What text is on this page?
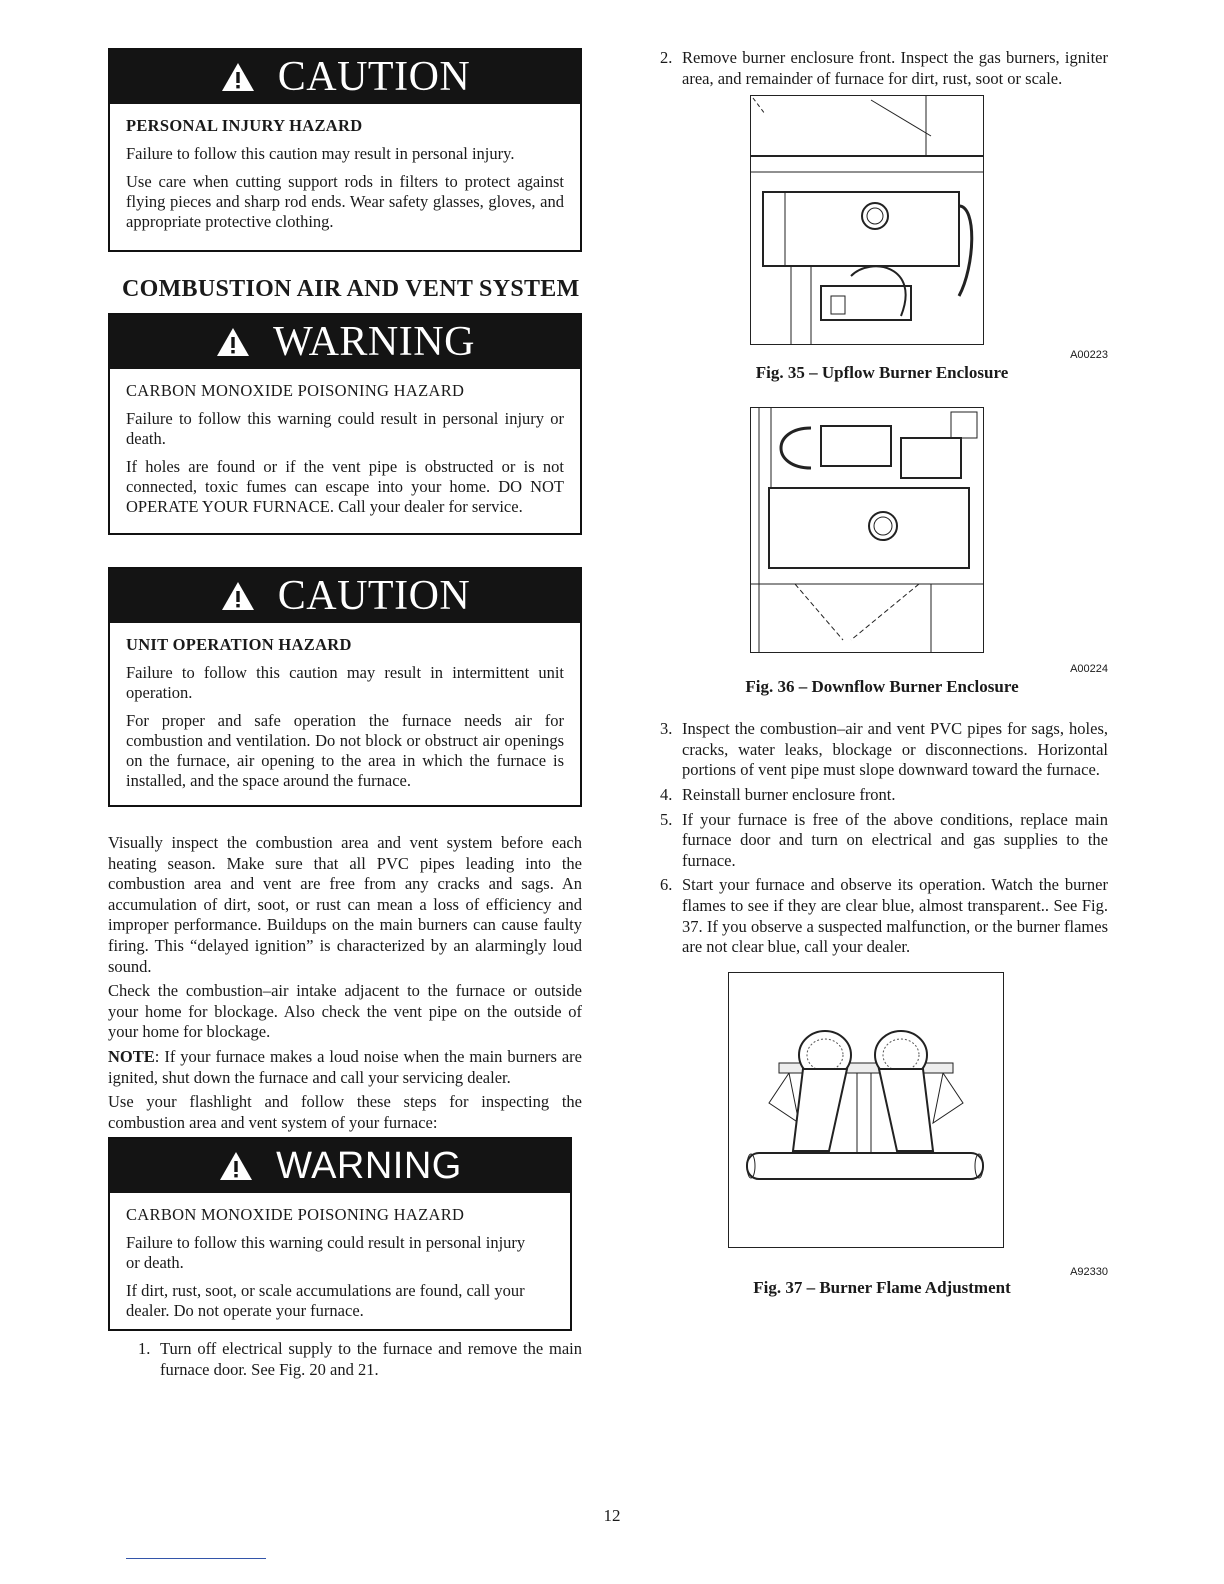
CAUTION

PERSONAL INJURY HAZARD

Failure to follow this caution may result in personal injury.

Use care when cutting support rods in filters to protect against flying pieces and sharp rod ends. Wear safety glasses, gloves, and appropriate protective clothing.

COMBUSTION AIR AND VENT SYSTEM
WARNING

CARBON MONOXIDE POISONING HAZARD

Failure to follow this warning could result in personal injury or death.

If holes are found or if the vent pipe is obstructed or is not connected, toxic fumes can escape into your home. DO NOT OPERATE YOUR FURNACE. Call your dealer for service.

CAUTION

UNIT OPERATION HAZARD

Failure to follow this caution may result in intermittent unit operation.

For proper and safe operation the furnace needs air for combustion and ventilation. Do not block or obstruct air openings on the furnace, air opening to the area in which the furnace is installed, and the space around the furnace.

Visually inspect the combustion area and vent system before each heating season. Make sure that all PVC pipes leading into the combustion area and vent are free from any cracks and sags. An accumulation of dirt, soot, or rust can mean a loss of efficiency and improper performance. Buildups on the main burners can cause faulty firing. This “delayed ignition” is characterized by an alarmingly loud sound.

Check the combustion–air intake adjacent to the furnace or outside your home for blockage. Also check the vent pipe on the outside of your home for blockage.

NOTE: If your furnace makes a loud noise when the main burners are ignited, shut down the furnace and call your servicing dealer.

Use your flashlight and follow these steps for inspecting the combustion area and vent system of your furnace:

WARNING

CARBON MONOXIDE POISONING HAZARD

Failure to follow this warning could result in personal injury or death.

If dirt, rust, soot, or scale accumulations are found, call your dealer. Do not operate your furnace.

1. Turn off electrical supply to the furnace and remove the main furnace door. See Fig. 20 and 21.
2. Remove burner enclosure front. Inspect the gas burners, igniter area, and remainder of furnace for dirt, rust, soot or scale.
A00223
Fig. 35 – Upflow Burner Enclosure
A00224
Fig. 36 – Downflow Burner Enclosure
3. Inspect the combustion–air and vent PVC pipes for sags, holes, cracks, water leaks, blockage or disconnections. Horizontal portions of vent pipe must slope downward toward the furnace.
4. Reinstall burner enclosure front.
5. If your furnace is free of the above conditions, replace main furnace door and turn on electrical and gas supplies to the furnace.
6. Start your furnace and observe its operation. Watch the burner flames to see if they are clear blue, almost transparent.. See Fig. 37. If you observe a suspected malfunction, or the burner flames are not clear blue, call your dealer.
A92330
Fig. 37 – Burner Flame Adjustment
12
